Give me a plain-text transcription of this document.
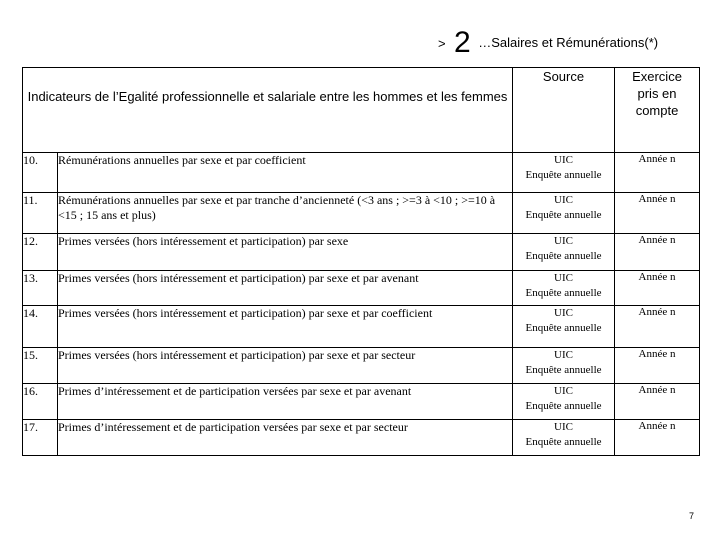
> 2 $^{\dots Salaires et Rémunérations(*)}$
Indicateurs de l’Egalité professionnelle et salariale entre les hommes et les femmes		Source	Exercice pris en compte

10.	Rémunérations annuelles par sexe et par coefficient	UIC
Enquête annuelle	Année n
11.	Rémunérations annuelles par sexe et par tranche d’ancienneté (<3 ans ; >=3 à <10 ; >=10 à <15 ; 15 ans et plus)	UIC
Enquête annuelle	Année n
12.	Primes versées (hors intéressement et participation) par sexe	UIC
Enquête annuelle	Année n
13.	Primes versées (hors intéressement et participation) par sexe et par avenant	UIC
Enquête annuelle	Année n
14.	Primes versées (hors intéressement et participation) par sexe et par coefficient	UIC
Enquête annuelle	Année n
15.	Primes versées (hors intéressement et participation) par sexe et par secteur	UIC
Enquête annuelle	Année n
16.	Primes d’intéressement et de participation versées par sexe et par avenant	UIC
Enquête annuelle	Année n
17.	Primes d’intéressement et de participation versées par sexe et par secteur	UIC
Enquête annuelle	Année n
7
